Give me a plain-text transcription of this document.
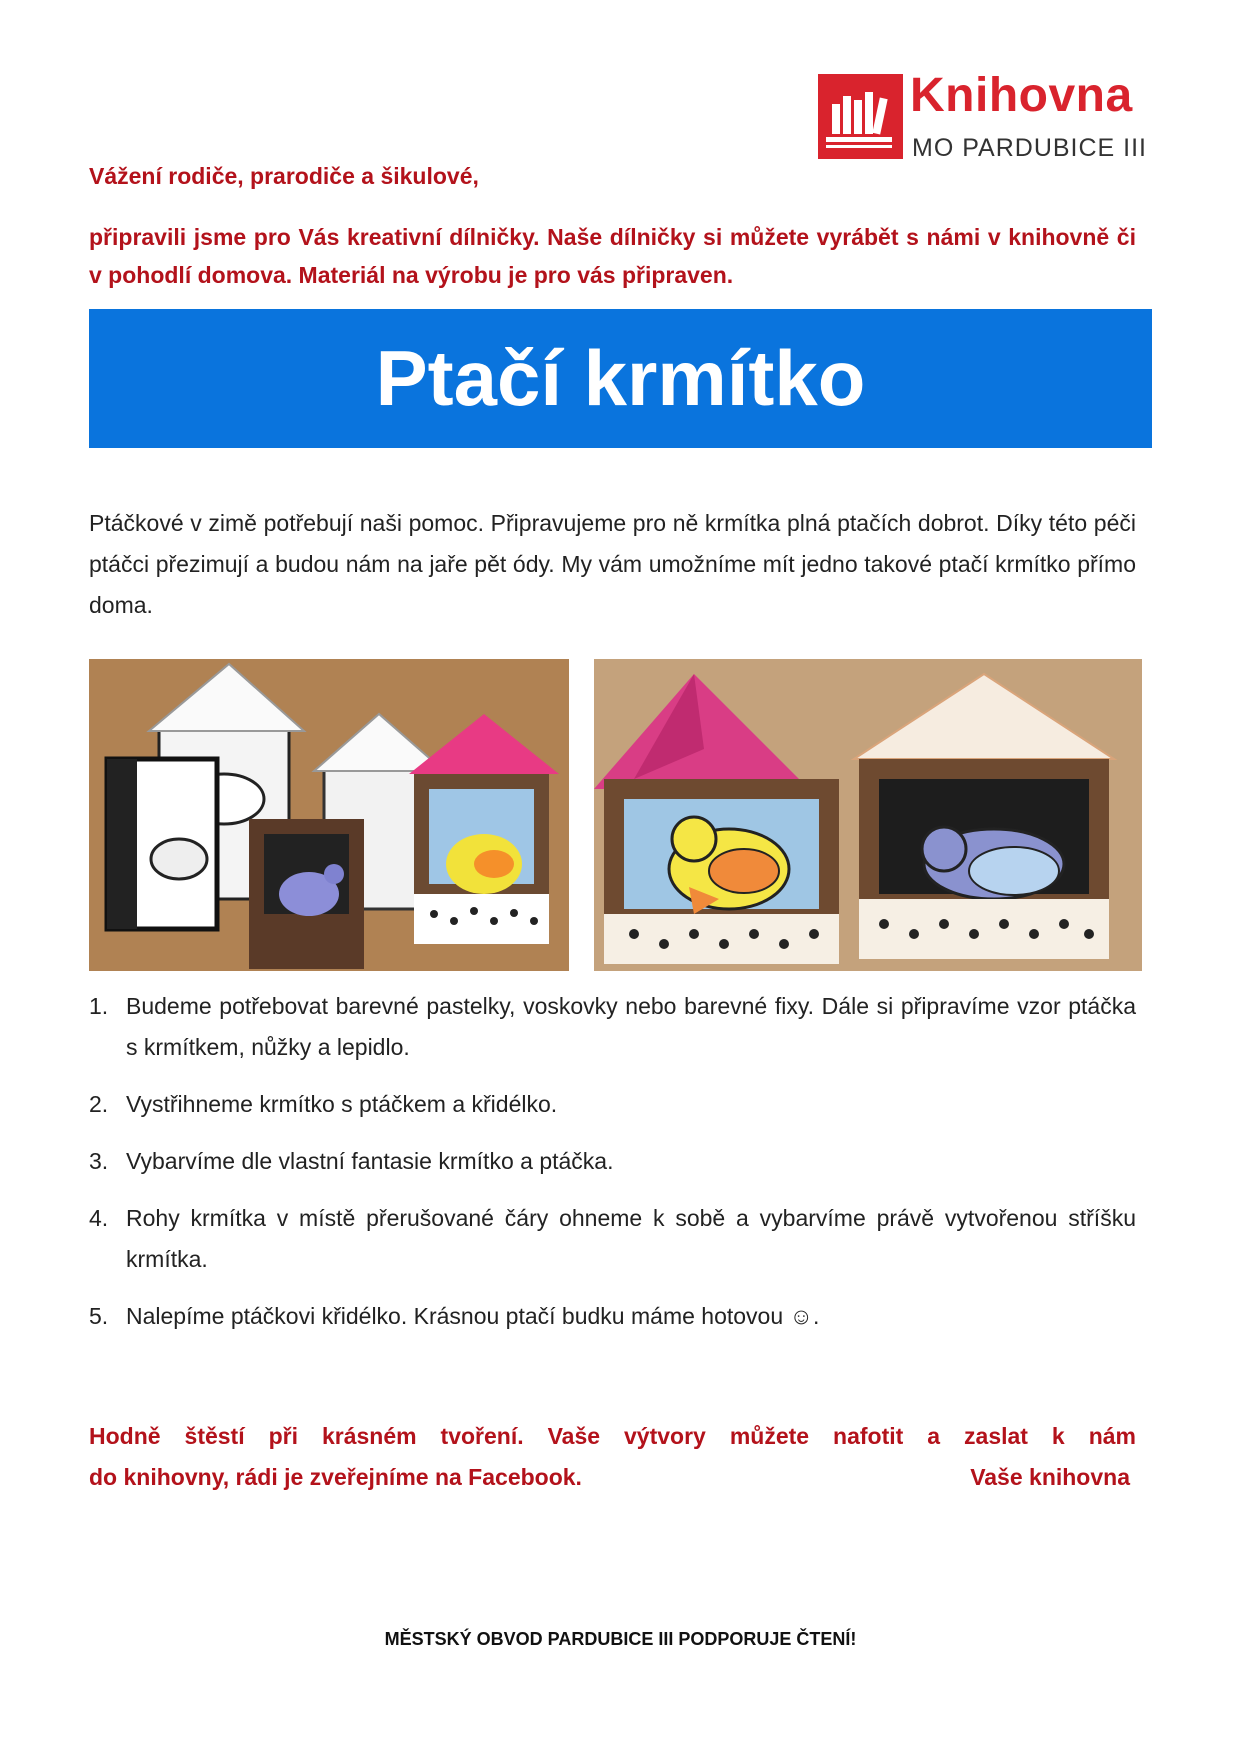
Knihovna
MO PARDUBICE III
Vážení rodiče, prarodiče a šikulové,
připravili jsme pro Vás kreativní dílničky. Naše dílničky si můžete vyrábět s námi v knihovně či v pohodlí domova. Materiál na výrobu je pro vás připraven.
Ptačí krmítko
Ptáčkové v zimě potřebují naši pomoc. Připravujeme pro ně krmítka plná ptačích dobrot. Díky této péči ptáčci přezimují a budou nám na jaře pět ódy. My vám umožníme mít jedno takové ptačí krmítko přímo doma.
1. Budeme potřebovat barevné pastelky, voskovky nebo barevné fixy. Dále si připravíme vzor ptáčka s krmítkem, nůžky a lepidlo.
2. Vystřihneme krmítko s ptáčkem a křidélko.
3. Vybarvíme dle vlastní fantasie krmítko a ptáčka.
4. Rohy krmítka v místě přerušované čáry ohneme k sobě a vybarvíme právě vytvořenou stříšku krmítka.
5. Nalepíme ptáčkovi křidélko. Krásnou ptačí budku máme hotovou ☺.
Hodně štěstí při krásném tvoření. Vaše výtvory můžete nafotit a zaslat k nám
do knihovny, rádi je zveřejníme na Facebook.	Vaše knihovna
MĚSTSKÝ OBVOD PARDUBICE III PODPORUJE ČTENÍ!
